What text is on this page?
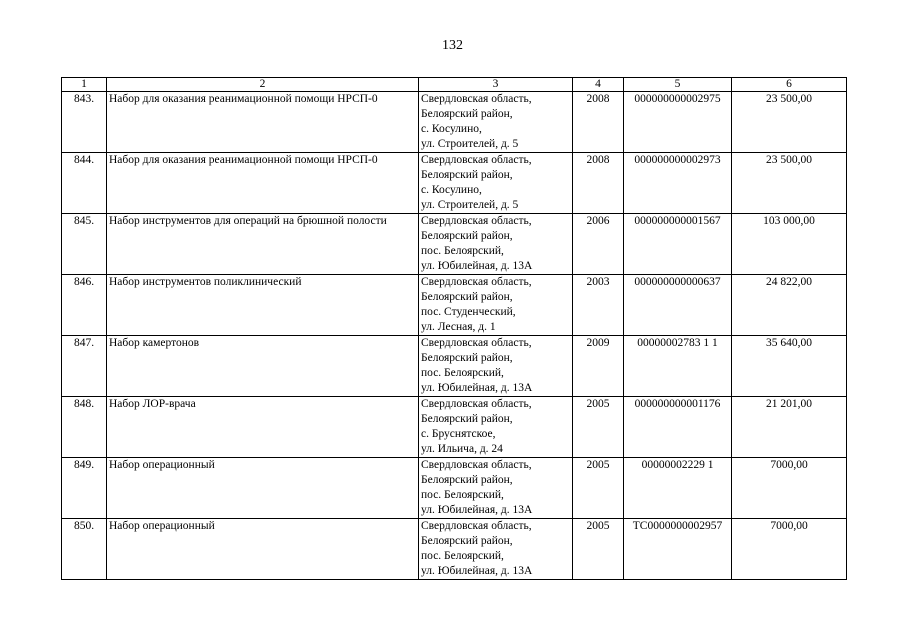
132
1	2	3	4	5	6
843.	Набор для оказания реанимационной помощи НРСП-0	Свердловская область,
Белоярский район,
с. Косулино,
ул. Строителей, д. 5	2008	000000000002975	23 500,00
844.	Набор для оказания реанимационной помощи НРСП-0	Свердловская область,
Белоярский район,
с. Косулино,
ул. Строителей, д. 5	2008	000000000002973	23 500,00
845.	Набор инструментов для операций на брюшной полости	Свердловская область,
Белоярский район,
пос. Белоярский,
ул. Юбилейная, д. 13А	2006	000000000001567	103 000,00
846.	Набор инструментов поликлинический	Свердловская область,
Белоярский район,
пос. Студенческий,
ул. Лесная, д. 1	2003	000000000000637	24 822,00
847.	Набор камертонов	Свердловская область,
Белоярский район,
пос. Белоярский,
ул. Юбилейная, д. 13А	2009	00000002783 1 1	35 640,00
848.	Набор ЛОР-врача	Свердловская область,
Белоярский район,
с. Бруснятское,
ул. Ильича, д. 24	2005	000000000001176	21 201,00
849.	Набор операционный	Свердловская область,
Белоярский район,
пос. Белоярский,
ул. Юбилейная, д. 13А	2005	00000002229 1	7000,00
850.	Набор операционный	Свердловская область,
Белоярский район,
пос. Белоярский,
ул. Юбилейная, д. 13А	2005	ТС0000000002957	7000,00
